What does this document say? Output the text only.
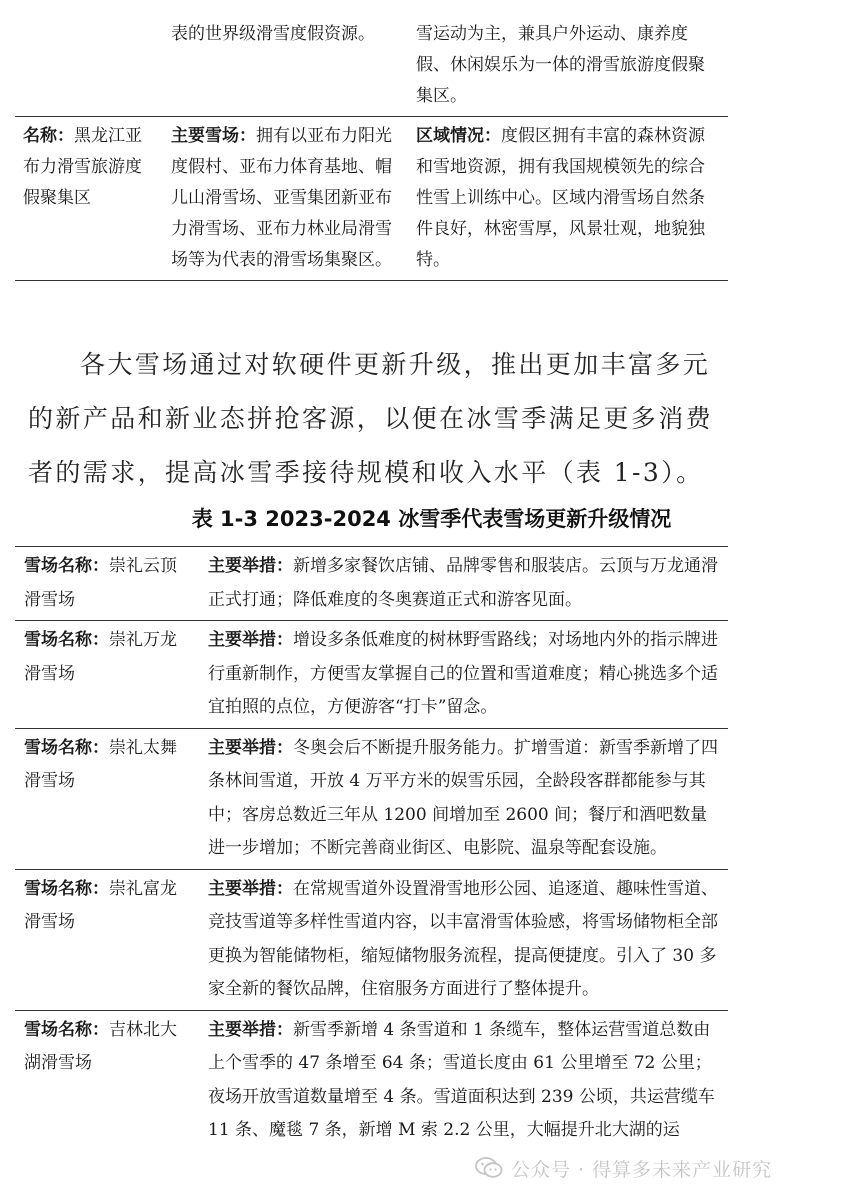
	表的世界级滑雪度假资源。	雪运动为主，兼具户外运动、康养度假、休闲娱乐为一体的滑雪旅游度假聚集区。
名称：黑龙江亚布力滑雪旅游度假聚集区	主要雪场：拥有以亚布力阳光度假村、亚布力体育基地、帽儿山滑雪场、亚雪集团新亚布力滑雪场、亚布力林业局滑雪场等为代表的滑雪场集聚区。	区域情况：度假区拥有丰富的森林资源和雪地资源，拥有我国规模领先的综合性雪上训练中心。区域内滑雪场自然条件良好，林密雪厚，风景壮观，地貌独特。

各大雪场通过对软硬件更新升级，推出更加丰富多元的新产品和新业态拼抢客源，以便在冰雪季满足更多消费者的需求，提高冰雪季接待规模和收入水平（表 1-3）。

表 1-3 2023-2024 冰雪季代表雪场更新升级情况
雪场名称：崇礼云顶滑雪场	主要举措：新增多家餐饮店铺、品牌零售和服装店。云顶与万龙通滑正式打通；降低难度的冬奥赛道正式和游客见面。
雪场名称：崇礼万龙滑雪场	主要举措：增设多条低难度的树林野雪路线；对场地内外的指示牌进行重新制作，方便雪友掌握自己的位置和雪道难度；精心挑选多个适宜拍照的点位，方便游客“打卡”留念。
雪场名称：崇礼太舞滑雪场	主要举措：冬奥会后不断提升服务能力。扩增雪道：新雪季新增了四条林间雪道，开放 4 万平方米的娱雪乐园，全龄段客群都能参与其中；客房总数近三年从 1200 间增加至 2600 间；餐厅和酒吧数量进一步增加；不断完善商业街区、电影院、温泉等配套设施。
雪场名称：崇礼富龙滑雪场	主要举措：在常规雪道外设置滑雪地形公园、追逐道、趣味性雪道、竞技雪道等多样性雪道内容，以丰富滑雪体验感，将雪场储物柜全部更换为智能储物柜，缩短储物服务流程，提高便捷度。引入了 30 多家全新的餐饮品牌，住宿服务方面进行了整体提升。
雪场名称：吉林北大湖滑雪场	主要举措：新雪季新增 4 条雪道和 1 条缆车，整体运营雪道总数由上个雪季的 47 条增至 64 条；雪道长度由 61 公里增至 72 公里；夜场开放雪道数量增至 4 条。雪道面积达到 239 公顷，共运营缆车 11 条、魔毯 7 条，新增 M 索 2.2 公里，大幅提升北大湖的运
公众号 · 得算多未来产业研究
